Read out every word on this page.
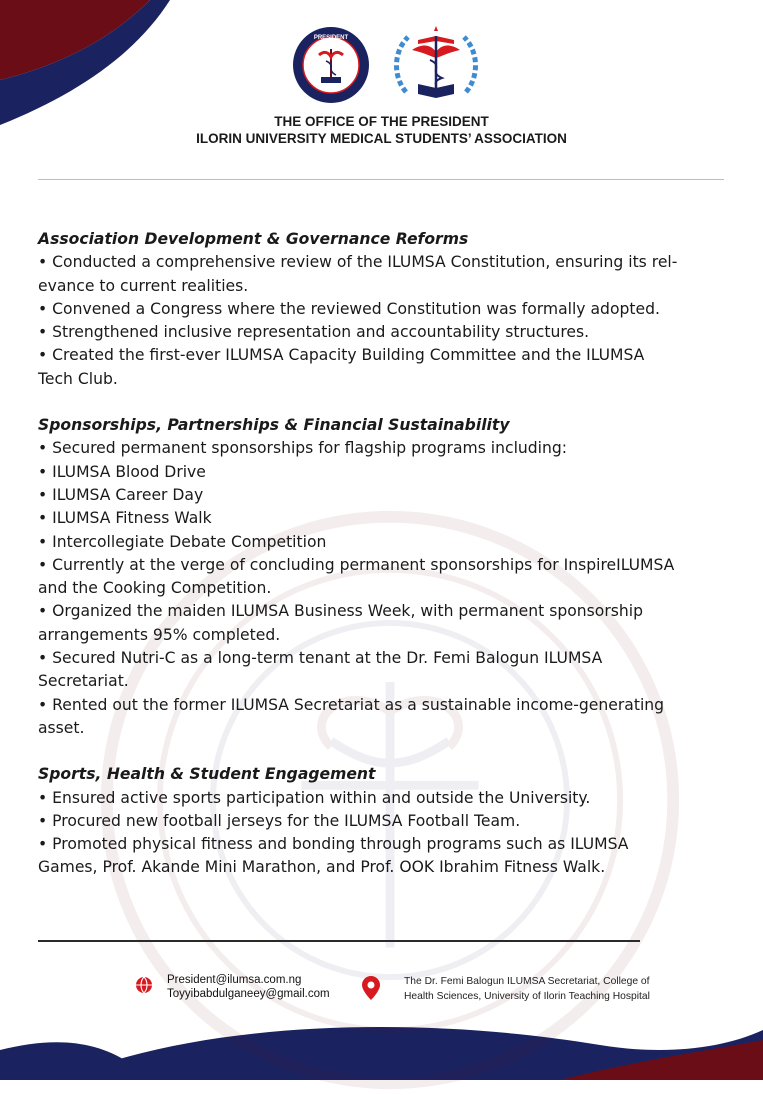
PRESIDENT
THE OFFICE OF THE PRESIDENT
ILORIN UNIVERSITY MEDICAL STUDENTS’ ASSOCIATION

Association Development & Governance Reforms

• Conducted a comprehensive review of the ILUMSA Constitution, ensuring its rel-

evance to current realities.

• Convened a Congress where the reviewed Constitution was formally adopted.

• Strengthened inclusive representation and accountability structures.

• Created the first-ever ILUMSA Capacity Building Committee and the ILUMSA

Tech Club.

Sponsorships, Partnerships & Financial Sustainability

• Secured permanent sponsorships for flagship programs including:

• ILUMSA Blood Drive

• ILUMSA Career Day

• ILUMSA Fitness Walk

• Intercollegiate Debate Competition

• Currently at the verge of concluding permanent sponsorships for InspireILUMSA

and the Cooking Competition.

• Organized the maiden ILUMSA Business Week, with permanent sponsorship

arrangements 95% completed.

• Secured Nutri-C as a long-term tenant at the Dr. Femi Balogun ILUMSA

Secretariat.

• Rented out the former ILUMSA Secretariat as a sustainable income-generating

asset.

Sports, Health & Student Engagement

• Ensured active sports participation within and outside the University.

• Procured new football jerseys for the ILUMSA Football Team.

• Promoted physical fitness and bonding through programs such as ILUMSA

Games, Prof. Akande Mini Marathon, and Prof. OOK Ibrahim Fitness Walk.

President@ilumsa.com.ng
Toyyibabdulganeey@gmail.com
The Dr. Femi Balogun ILUMSA Secretariat, College of
Health Sciences, University of Ilorin Teaching Hospital
